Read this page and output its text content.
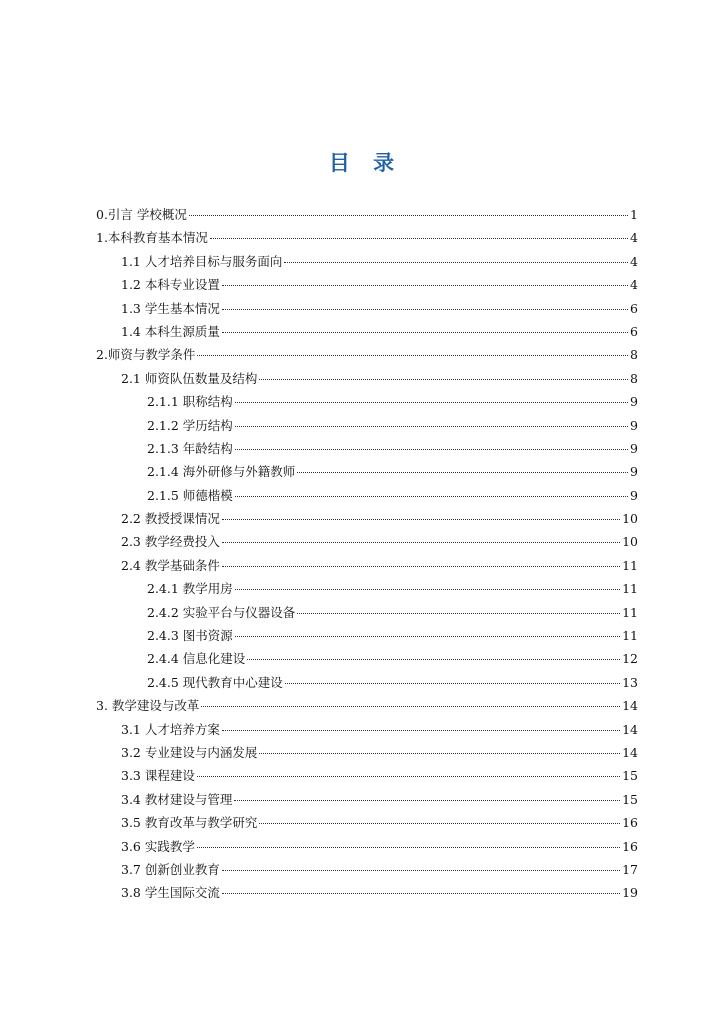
目 录
0.引言 学校概况	1
1.本科教育基本情况	4
1.1 人才培养目标与服务面向	4
1.2 本科专业设置	4
1.3 学生基本情况	6
1.4 本科生源质量	6
2.师资与教学条件	8
2.1 师资队伍数量及结构	8
2.1.1 职称结构	9
2.1.2 学历结构	9
2.1.3 年龄结构	9
2.1.4 海外研修与外籍教师	9
2.1.5 师德楷模	9
2.2 教授授课情况	10
2.3 教学经费投入	10
2.4 教学基础条件	11
2.4.1 教学用房	11
2.4.2 实验平台与仪器设备	11
2.4.3 图书资源	11
2.4.4 信息化建设	12
2.4.5 现代教育中心建设	13
3. 教学建设与改革	14
3.1 人才培养方案	14
3.2 专业建设与内涵发展	14
3.3 课程建设	15
3.4 教材建设与管理	15
3.5 教育改革与教学研究	16
3.6 实践教学	16
3.7 创新创业教育	17
3.8 学生国际交流	19
